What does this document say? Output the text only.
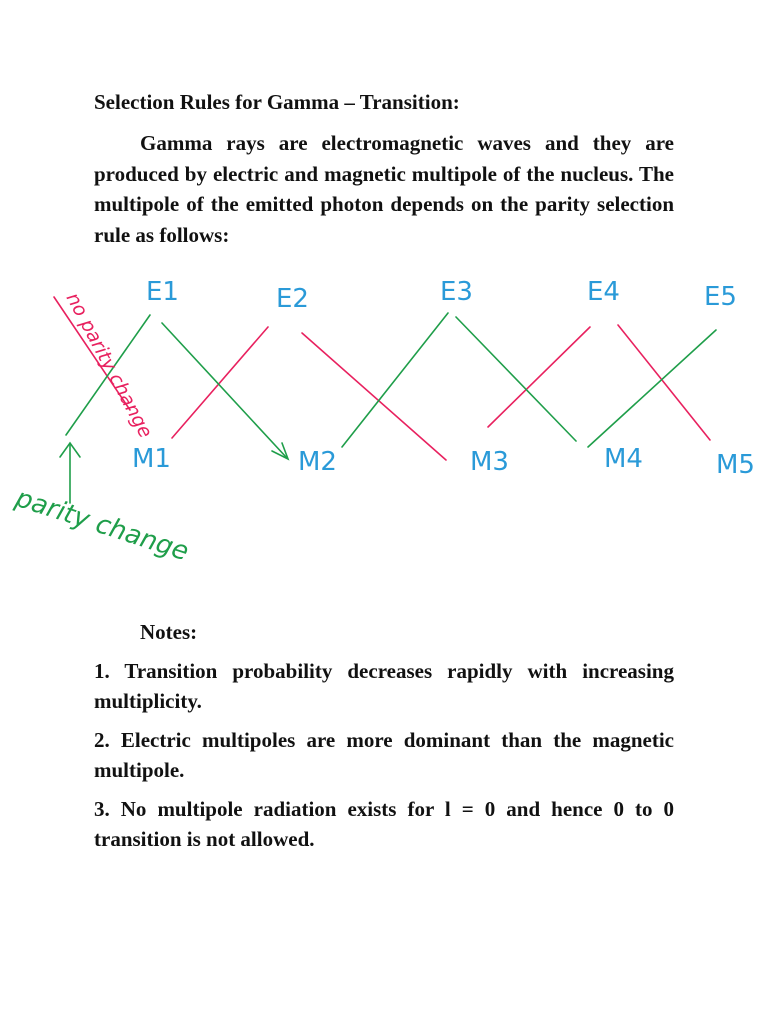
Selection Rules for Gamma – Transition:

Gamma rays are electromagnetic waves and they are produced by electric and magnetic multipole of the nucleus. The multipole of the emitted photon depends on the parity selection rule as follows:

E1	E2	E3	E4	E5
M1	M2	M3	M4	M5
no parity change
parity change
Notes:
1. Transition probability decreases rapidly with increasing multiplicity.
2. Electric multipoles are more dominant than the magnetic multipole.
3. No multipole radiation exists for l = 0 and hence 0 to 0 transition is not allowed.
